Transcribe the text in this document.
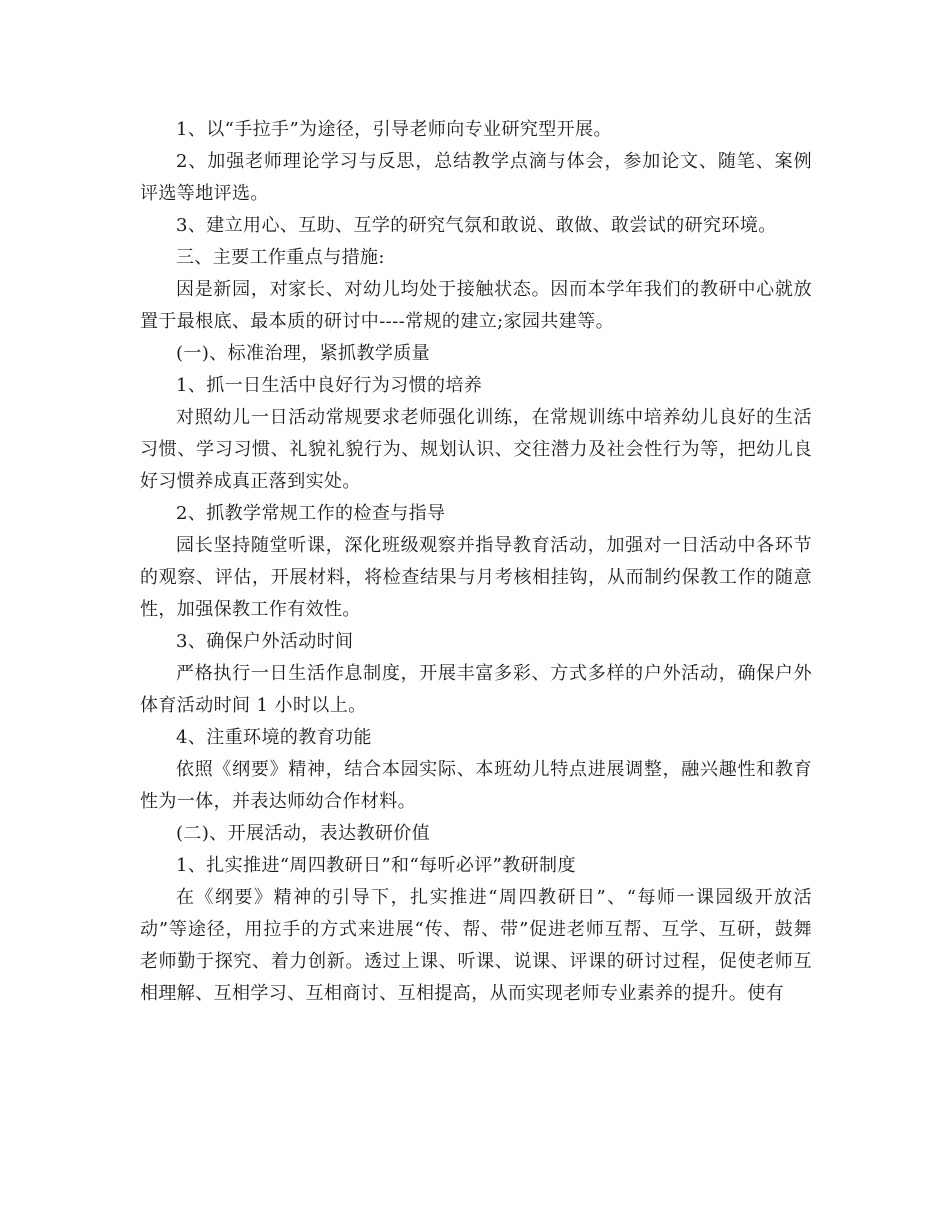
1、以“手拉手”为途径，引导老师向专业研究型开展。

2、加强老师理论学习与反思，总结教学点滴与体会，参加论文、随笔、案例评选等地评选。

3、建立用心、互助、互学的研究气氛和敢说、敢做、敢尝试的研究环境。

三、主要工作重点与措施:

因是新园，对家长、对幼儿均处于接触状态。因而本学年我们的教研中心就放置于最根底、最本质的研讨中----常规的建立;家园共建等。

(一)、标准治理，紧抓教学质量

1、抓一日生活中良好行为习惯的培养

对照幼儿一日活动常规要求老师强化训练，在常规训练中培养幼儿良好的生活习惯、学习习惯、礼貌礼貌行为、规划认识、交往潜力及社会性行为等，把幼儿良好习惯养成真正落到实处。

2、抓教学常规工作的检查与指导

园长坚持随堂听课，深化班级观察并指导教育活动，加强对一日活动中各环节的观察、评估，开展材料，将检查结果与月考核相挂钩，从而制约保教工作的随意性，加强保教工作有效性。

3、确保户外活动时间

严格执行一日生活作息制度，开展丰富多彩、方式多样的户外活动，确保户外体育活动时间 1 小时以上。

4、注重环境的教育功能

依照《纲要》精神，结合本园实际、本班幼儿特点进展调整，融兴趣性和教育性为一体，并表达师幼合作材料。

(二)、开展活动，表达教研价值

1、扎实推进“周四教研日”和“每听必评”教研制度

在《纲要》精神的引导下，扎实推进“周四教研日”、“每师一课园级开放活动”等途径，用拉手的方式来进展“传、帮、带”促进老师互帮、互学、互研，鼓舞老师勤于探究、着力创新。透过上课、听课、说课、评课的研讨过程，促使老师互相理解、互相学习、互相商讨、互相提高，从而实现老师专业素养的提升。使有
